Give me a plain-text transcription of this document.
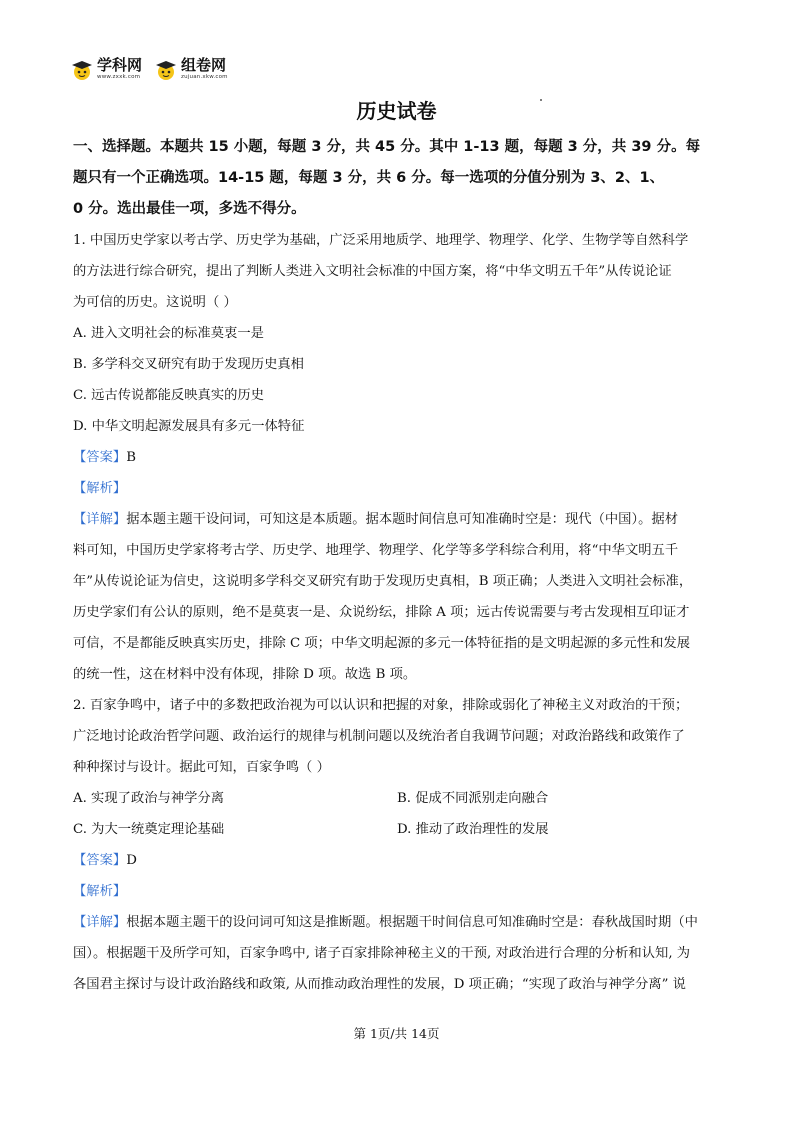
学科网
www.zxxk.com
组卷网
zujuan.xkw.com
历史试卷

一、选择题。本题共 15 小题，每题 3 分，共 45 分。其中 1-13 题，每题 3 分，共 39 分。每

题只有一个正确选项。14-15 题，每题 3 分，共 6 分。每一选项的分值分别为 3、2、1、

0 分。选出最佳一项，多选不得分。

1. 中国历史学家以考古学、历史学为基础，广泛采用地质学、地理学、物理学、化学、生物学等自然科学

的方法进行综合研究，提出了判断人类进入文明社会标准的中国方案，将“中华文明五千年”从传说论证

为可信的历史。这说明（ ）

A. 进入文明社会的标准莫衷一是

B. 多学科交叉研究有助于发现历史真相

C. 远古传说都能反映真实的历史

D. 中华文明起源发展具有多元一体特征

【答案】B

【解析】

【详解】据本题主题干设问词，可知这是本质题。据本题时间信息可知准确时空是：现代（中国）。据材

料可知，中国历史学家将考古学、历史学、地理学、物理学、化学等多学科综合利用，将“中华文明五千

年”从传说论证为信史，这说明多学科交叉研究有助于发现历史真相，B 项正确；人类进入文明社会标准，

历史学家们有公认的原则，绝不是莫衷一是、众说纷纭，排除 A 项；远古传说需要与考古发现相互印证才

可信，不是都能反映真实历史，排除 C 项；中华文明起源的多元一体特征指的是文明起源的多元性和发展

的统一性，这在材料中没有体现，排除 D 项。故选 B 项。

2. 百家争鸣中，诸子中的多数把政治视为可以认识和把握的对象，排除或弱化了神秘主义对政治的干预；

广泛地讨论政治哲学问题、政治运行的规律与机制问题以及统治者自我调节问题；对政治路线和政策作了

种种探讨与设计。据此可知，百家争鸣（ ）

A. 实现了政治与神学分离	B. 促成不同派别走向融合
C. 为大一统奠定理论基础	D. 推动了政治理性的发展

【答案】D

【解析】

【详解】根据本题主题干的设问词可知这是推断题。根据题干时间信息可知准确时空是：春秋战国时期（中

国）。根据题干及所学可知，百家争鸣中, 诸子百家排除神秘主义的干预, 对政治进行合理的分析和认知, 为

各国君主探讨与设计政治路线和政策, 从而推动政治理性的发展，D 项正确；“实现了政治与神学分离” 说

第 1页/共 14页
